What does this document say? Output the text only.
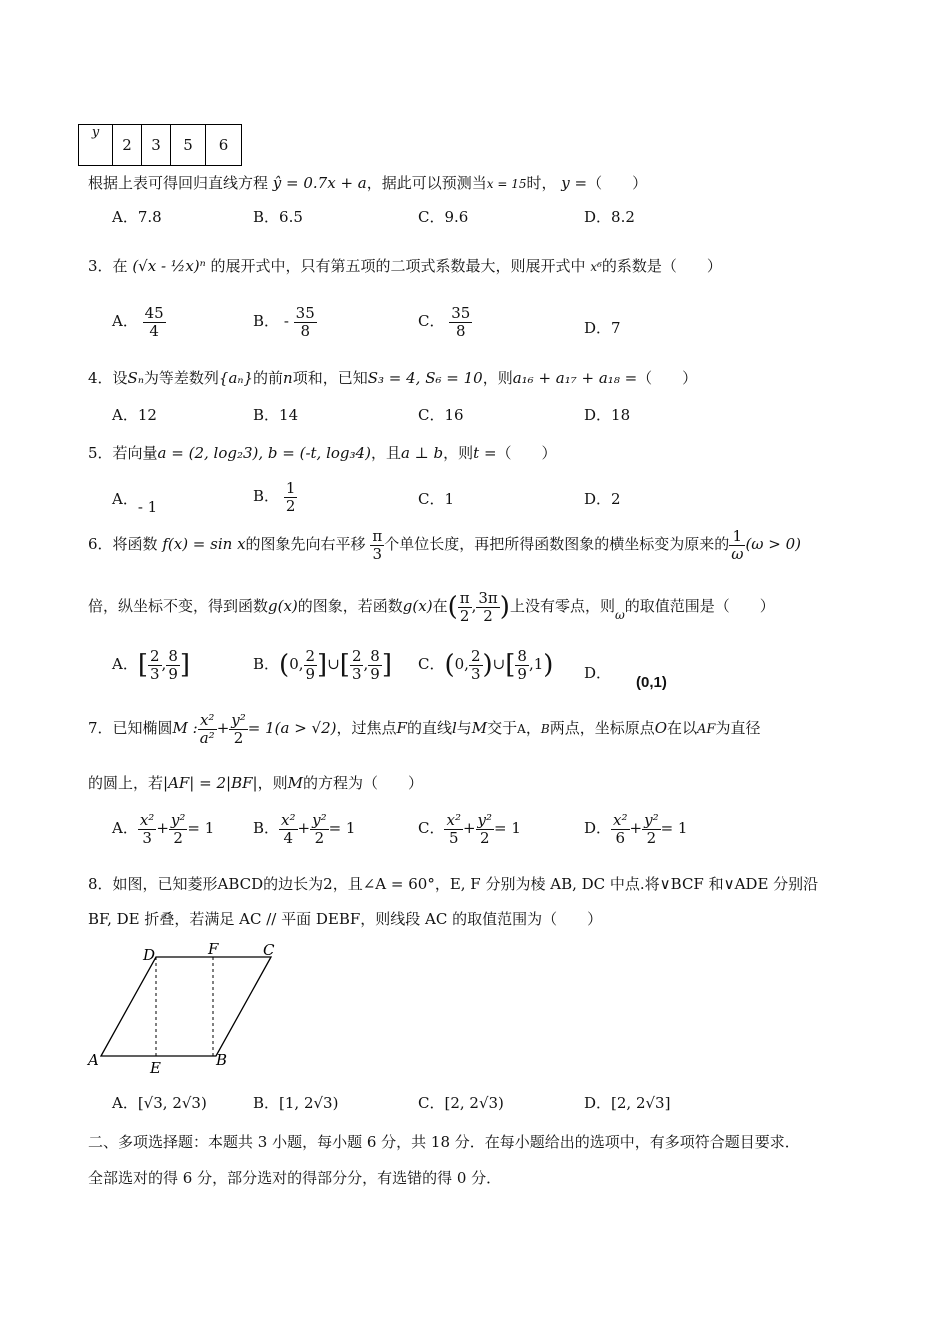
y	2	3	5	6
根据上表可得回归直线方程 ŷ = 0.7x + a，据此可以预测当x = 15时， y =（　　）
A．7.8	B．6.5	C．9.6	D．8.2
3．在 (√x - ½x)ⁿ 的展开式中，只有第五项的二项式系数最大，则展开式中 x⁶的系数是（　　）
A． $\frac{45}{4}$	B． - $\frac{35}{8}$	C． $\frac{35}{8}$	D．7
4．设Sₙ为等差数列{aₙ}的前n项和，已知S₃ = 4, S₆ = 10，则a₁₆ + a₁₇ + a₁₈ =（　　）
A．12	B．14	C．16	D．18
5．若向量a = (2, log₂3), b = (-t, log₃4)，且a ⊥ b，则t =（　　）
A．- 1
B． $\frac{1}{2}$	C．1	D．2
6．将函数 f(x) = sin x的图象先向右平移 $\frac{\pi}{3}$ 个单位长度，再把所得函数图象的横坐标变为原来的 $\frac{1}{\omega} (\omega > 0)$
倍，纵坐标不变，得到函数g(x)的图象，若函数g(x)在( $\frac{\pi}{2}$ , $\frac{3\pi}{2}$ )上没有零点，则$_\omega$的取值范围是（　　）
A．[ $\frac{2}{3}$ , $\frac{8}{9}$ ]	B．(0, $\frac{2}{9}$ ]∪[ $\frac{2}{3}$ , $\frac{8}{9}$ ] C．(0, $\frac{2}{3}$ )∪[ $\frac{8}{9} ,1$) D．
(0,1)
7．已知椭圆M : $\frac{\text{x²}}{\text{a²}} + \frac{\text{y²}}{2} = 1(a > √2)$，过焦点F的直线l与M交于A，B两点，坐标原点O在以AF为直径
的圆上，若|AF| = 2|BF|，则M的方程为（　　）
A． $\frac{\text{x²}}{3} + \frac{\text{y²}}{2} = 1$	B． $\frac{\text{x²}}{4} + \frac{\text{y²}}{2} = 1$	C． $\frac{\text{x²}}{5} + \frac{\text{y²}}{2} = 1$	D． $\frac{\text{x²}}{6} + \frac{\text{y²}}{2} = 1$
8．如图，已知菱形ABCD的边长为2，且∠A = 60°，E, F 分别为棱 AB, DC 中点.将∨BCF 和∨ADE 分别沿
BF, DE 折叠，若满足 AC // 平面 DEBF，则线段 AC 的取值范围为（　　）
D	F	C
A	E	B
A．[√3, 2√3)	B．[1, 2√3)	C．[2, 2√3)	D．[2, 2√3]
二、多项选择题：本题共 3 小题，每小题 6 分，共 18 分．在每小题给出的选项中，有多项符合题目要求．
全部选对的得 6 分，部分选对的得部分分，有选错的得 0 分．
